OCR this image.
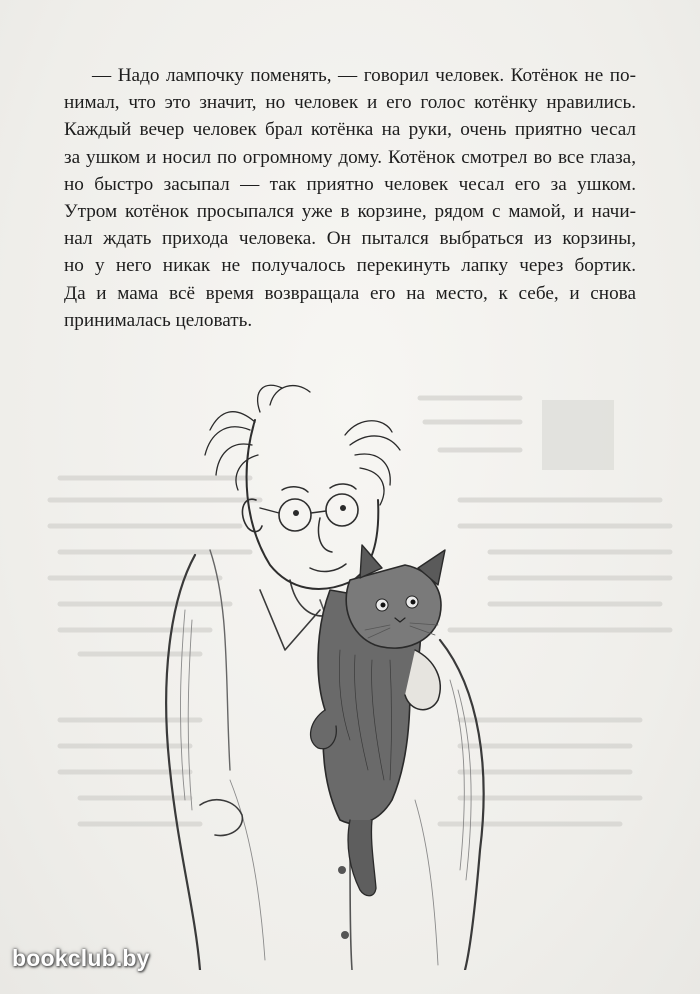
— Надо лампочку поменять, — говорил человек. Котёнок не по-
нимал, что это значит, но человек и его голос котёнку нравились.
Каждый вечер человек брал котёнка на руки, очень приятно чесал
за ушком и носил по огромному дому. Котёнок смотрел во все глаза,
но быстро засыпал — так приятно человек чесал его за ушком.
Утром котёнок просыпался уже в корзине, рядом с мамой, и начи-
нал ждать прихода человека. Он пытался выбраться из корзины,
но у него никак не получалось перекинуть лапку через бортик.
Да и мама всё время возвращала его на место, к себе, и снова
принималась целовать.

bookclub.by
